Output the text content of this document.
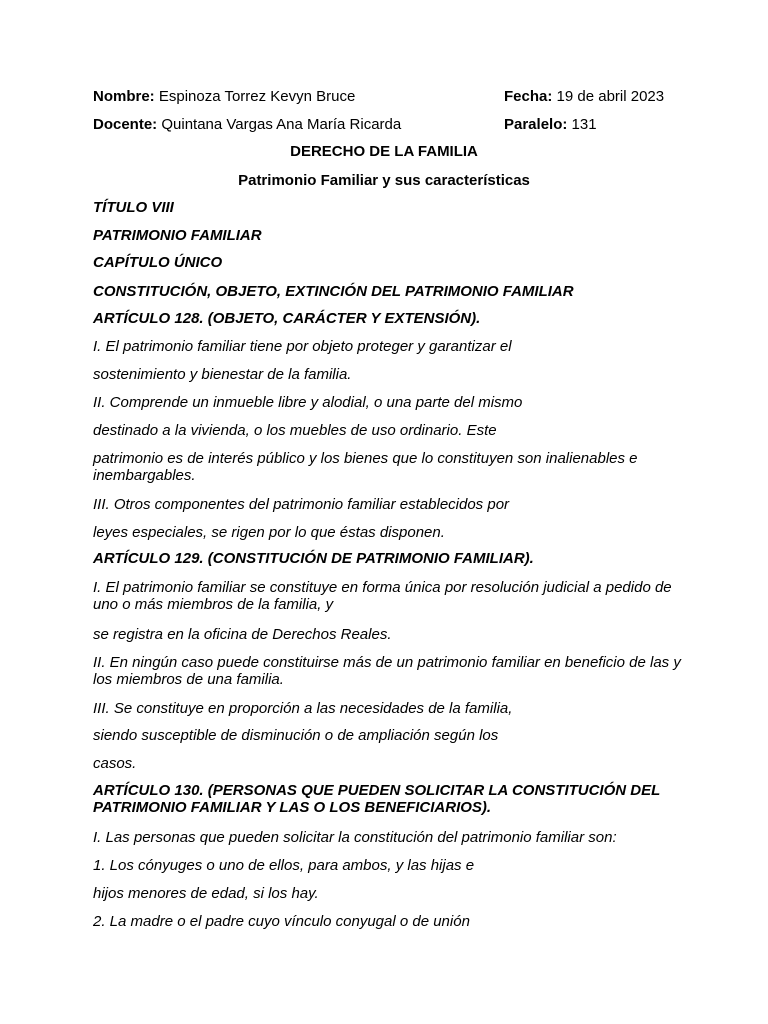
Nombre: Espinoza Torrez Kevyn Bruce	Fecha: 19 de abril 2023
Docente: Quintana Vargas Ana María Ricarda	Paralelo: 131
DERECHO DE LA FAMILIA
Patrimonio Familiar y sus características
TÍTULO VIII
PATRIMONIO FAMILIAR
CAPÍTULO ÚNICO
CONSTITUCIÓN, OBJETO, EXTINCIÓN DEL PATRIMONIO FAMILIAR
ARTÍCULO 128. (OBJETO, CARÁCTER Y EXTENSIÓN).
I. El patrimonio familiar tiene por objeto proteger y garantizar el
sostenimiento y bienestar de la familia.
II. Comprende un inmueble libre y alodial, o una parte del mismo
destinado a la vivienda, o los muebles de uso ordinario. Este
patrimonio es de interés público y los bienes que lo constituyen son inalienables e inembargables.
III. Otros componentes del patrimonio familiar establecidos por
leyes especiales, se rigen por lo que éstas disponen.
ARTÍCULO 129. (CONSTITUCIÓN DE PATRIMONIO FAMILIAR).
I. El patrimonio familiar se constituye en forma única por resolución judicial a pedido de uno o más miembros de la familia, y
se registra en la oficina de Derechos Reales.
II. En ningún caso puede constituirse más de un patrimonio familiar en beneficio de las y los miembros de una familia.
III. Se constituye en proporción a las necesidades de la familia,
siendo susceptible de disminución o de ampliación según los
casos.
ARTÍCULO 130. (PERSONAS QUE PUEDEN SOLICITAR LA CONSTITUCIÓN DEL PATRIMONIO FAMILIAR Y LAS O LOS BENEFICIARIOS).
I. Las personas que pueden solicitar la constitución del patrimonio familiar son:
1. Los cónyuges o uno de ellos, para ambos, y las hijas e
hijos menores de edad, si los hay.
2. La madre o el padre cuyo vínculo conyugal o de unión
